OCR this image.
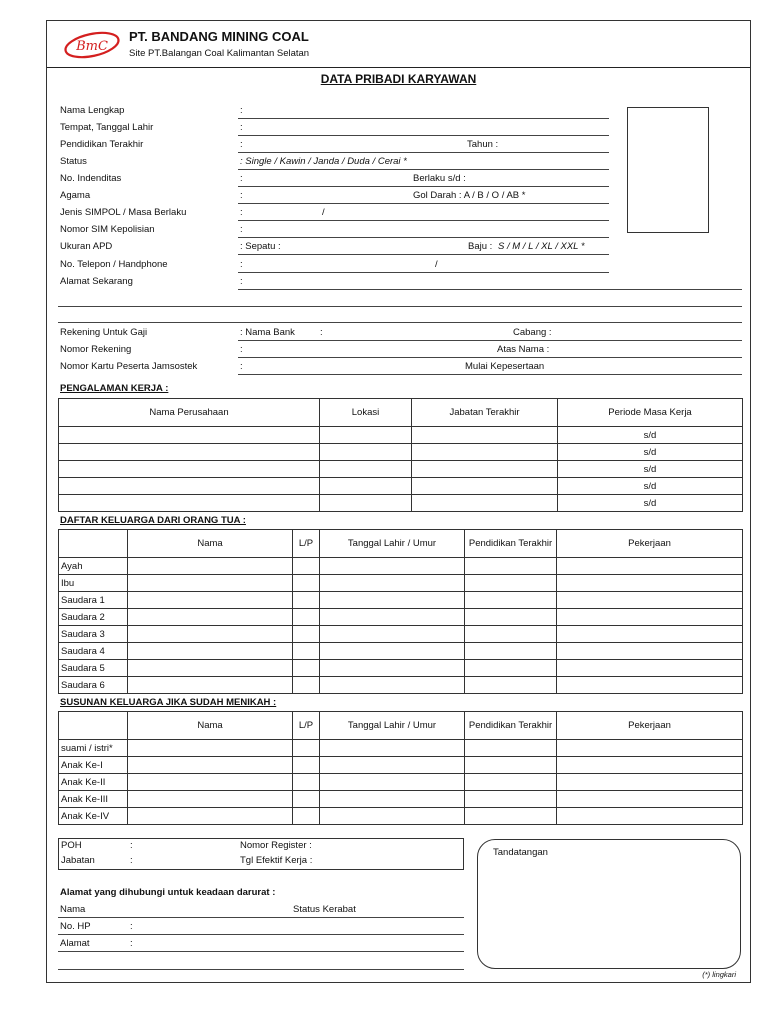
BmC
PT. BANDANG MINING COAL
Site PT.Balangan Coal Kalimantan Selatan
DATA PRIBADI KARYAWAN
Nama Lengkap	:
Tempat, Tanggal Lahir	:
Pendidikan Terakhir	:	Tahun :
Status	: Single / Kawin / Janda / Duda / Cerai *
No. Indenditas	:	Berlaku s/d :
Agama	:	Gol Darah : A / B / O / AB *
Jenis SIMPOL / Masa Berlaku	:	/
Nomor SIM Kepolisian	:
Ukuran APD	: Sepatu :	Baju : S / M / L / XL / XXL *
No. Telepon / Handphone	:	/
Alamat Sekarang	:
Rekening Untuk Gaji	: Nama Bank	:	Cabang :
Nomor Rekening	:	Atas Nama :
Nomor Kartu Peserta Jamsostek	:	Mulai Kepesertaan
PENGALAMAN KERJA :
Nama Perusahaan	Lokasi	Jabatan Terakhir	Periode Masa Kerja
			s/d
			s/d
			s/d
			s/d
			s/d
DAFTAR KELUARGA DARI ORANG TUA :
	Nama	L/P	Tanggal Lahir / Umur	Pendidikan Terakhir	Pekerjaan
Ayah					
Ibu					
Saudara 1					
Saudara 2					
Saudara 3					
Saudara 4					
Saudara 5					
Saudara 6					
SUSUNAN KELUARGA JIKA SUDAH MENIKAH :
	Nama	L/P	Tanggal Lahir / Umur	Pendidikan Terakhir	Pekerjaan
suami / istri*					
Anak Ke-I					
Anak Ke-II					
Anak Ke-III					
Anak Ke-IV					
POH	:	Nomor Register :
Jabatan	:	Tgl Efektif Kerja :
Tandatangan
Alamat yang dihubungi untuk keadaan darurat :
Nama	Status Kerabat
No. HP	:
Alamat	:
(*) lingkari
